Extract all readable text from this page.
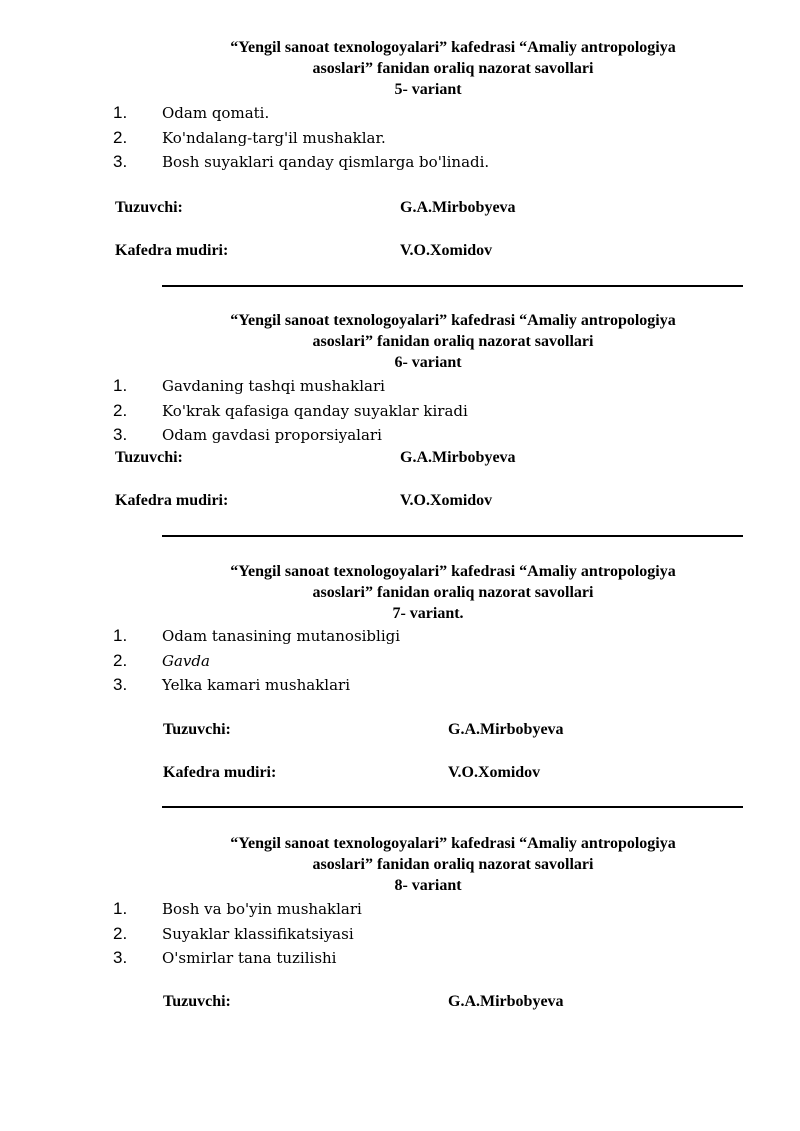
“Yengil sanoat texnologoyalari” kafedrasi “Amaliy antropologiya
asoslari” fanidan oraliq nazorat savollari
5- variant
1.	Odam qomati.
2.	Ko'ndalang-targ'il mushaklar.
3.	Bosh suyaklari qanday qismlarga bo'linadi.
Tuzuvchi:	G.A.Mirbobyeva
Kafedra mudiri:	V.O.Xomidov
“Yengil sanoat texnologoyalari” kafedrasi “Amaliy antropologiya
asoslari” fanidan oraliq nazorat savollari
6- variant
1.	Gavdaning tashqi mushaklari
2.	Ko'krak qafasiga qanday suyaklar kiradi
3.	Odam gavdasi proporsiyalari
Tuzuvchi:	G.A.Mirbobyeva
Kafedra mudiri:	V.O.Xomidov
“Yengil sanoat texnologoyalari” kafedrasi “Amaliy antropologiya
asoslari” fanidan oraliq nazorat savollari
7- variant.
1.	Odam tanasining mutanosibligi
2.	Gavda
3.	Yelka kamari mushaklari
Tuzuvchi:	G.A.Mirbobyeva
Kafedra mudiri:	V.O.Xomidov
“Yengil sanoat texnologoyalari” kafedrasi “Amaliy antropologiya
asoslari” fanidan oraliq nazorat savollari
8- variant
1.	Bosh va bo'yin mushaklari
2.	Suyaklar klassifikatsiyasi
3.	O'smirlar tana tuzilishi
Tuzuvchi:	G.A.Mirbobyeva
